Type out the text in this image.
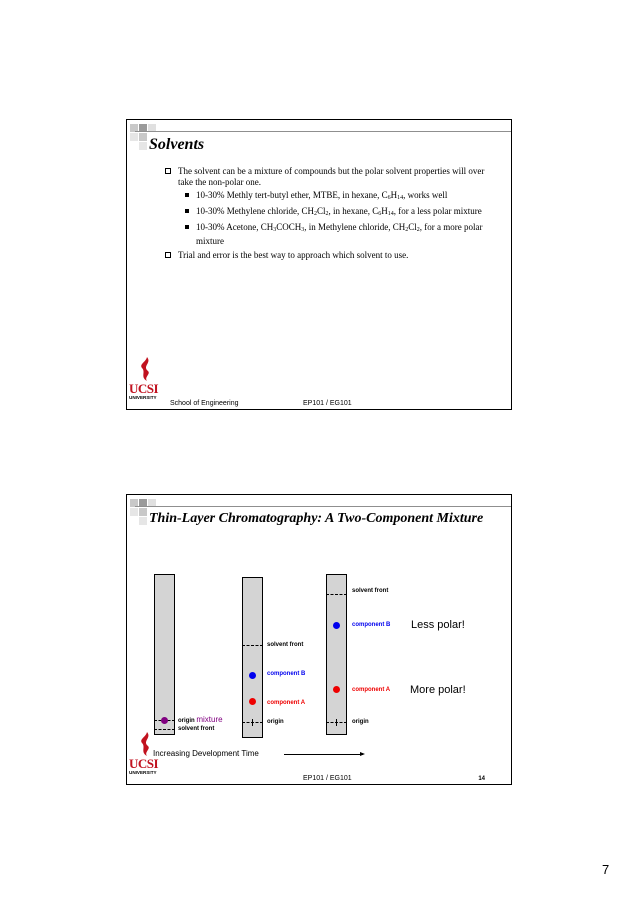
Solvents
The solvent can be a mixture of compounds but the polar solvent properties will over take the non-polar one.
10-30% Methly tert-butyl ether, MTBE, in hexane, $C_6H_{14}$, works well
10-30% Methylene chloride, $CH_2Cl_2$, in hexane, $C_6H_{14}$, for a less polar mixture
10-30% Acetone, $CH_3COCH_3$, in Methylene chloride, $CH_2Cl_2$, for a more polar mixture
Trial and error is the best way to approach which solvent to use.
UCSI
UNIVERSITY
School of Engineering	EP101 / EG101
Thin-Layer Chromatography: A Two-Component Mixture
origin mixture
solvent front
solvent front
component B
component A
origin
solvent front
component B
component A
origin
Less polar!
More polar!
Increasing Development Time
UCSI
UNIVERSITY
EP101 / EG101	14
7
